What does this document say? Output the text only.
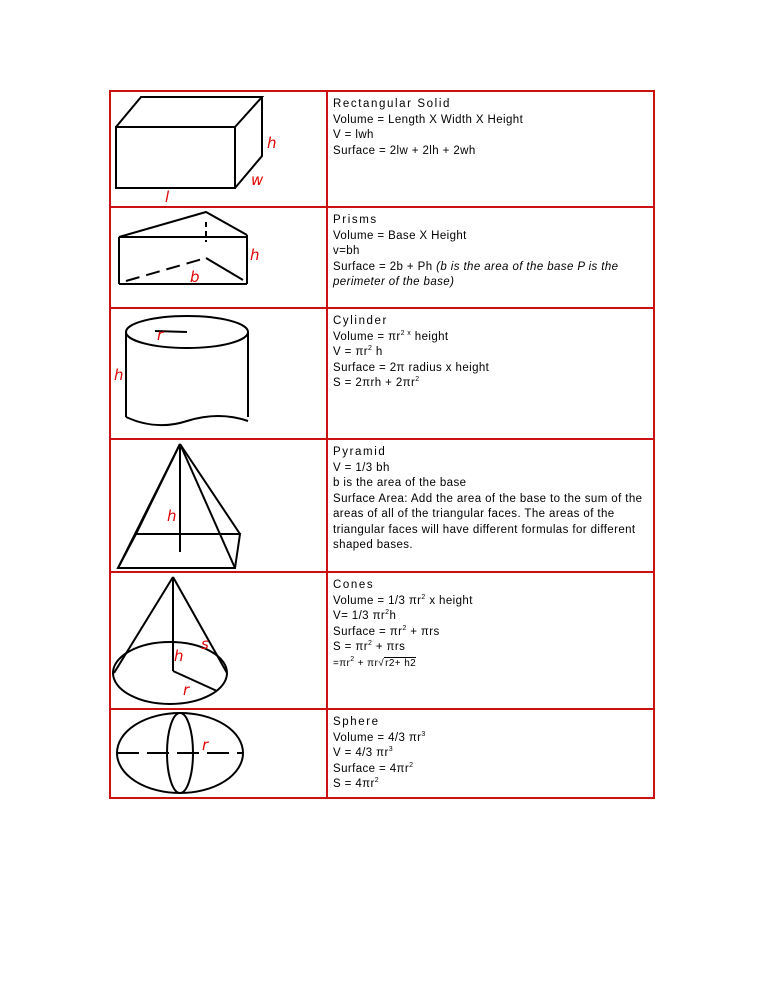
h
w
l
Rectangular Solid
Volume = Length X Width X Height
V = lwh
Surface = 2lw + 2lh + 2wh
h
b
Prisms
Volume = Base X Height
v=bh
Surface = 2b + Ph (b is the area of the base P is the perimeter of the base)
r
h
Cylinder
Volume = $\pi r^{2 x}$ height
$V = \pi r^2$ h
Surface = 2π radius x height
$S = 2\pi rh + 2\pi r^2$
h
Pyramid
V = 1/3 bh
b is the area of the base
Surface Area: Add the area of the base to the sum of the areas of all of the triangular faces. The areas of the triangular faces will have different formulas for different shaped bases.
h
s
r
Cones
Volume = 1/3 $\pi r^2$ x height
V= 1/3 $\pi r^2h$
Surface = $\pi r^2 + \pi rs$
$S = \pi r^2 + \pi rs$
$=\pi r^2 + \pi r√r2+ h2$
r
Sphere
Volume = 4/3 $\pi r^3$
V = 4/3 $\pi r^3$
Surface = $4\pi r^2$
$S = 4\pi r^2$
